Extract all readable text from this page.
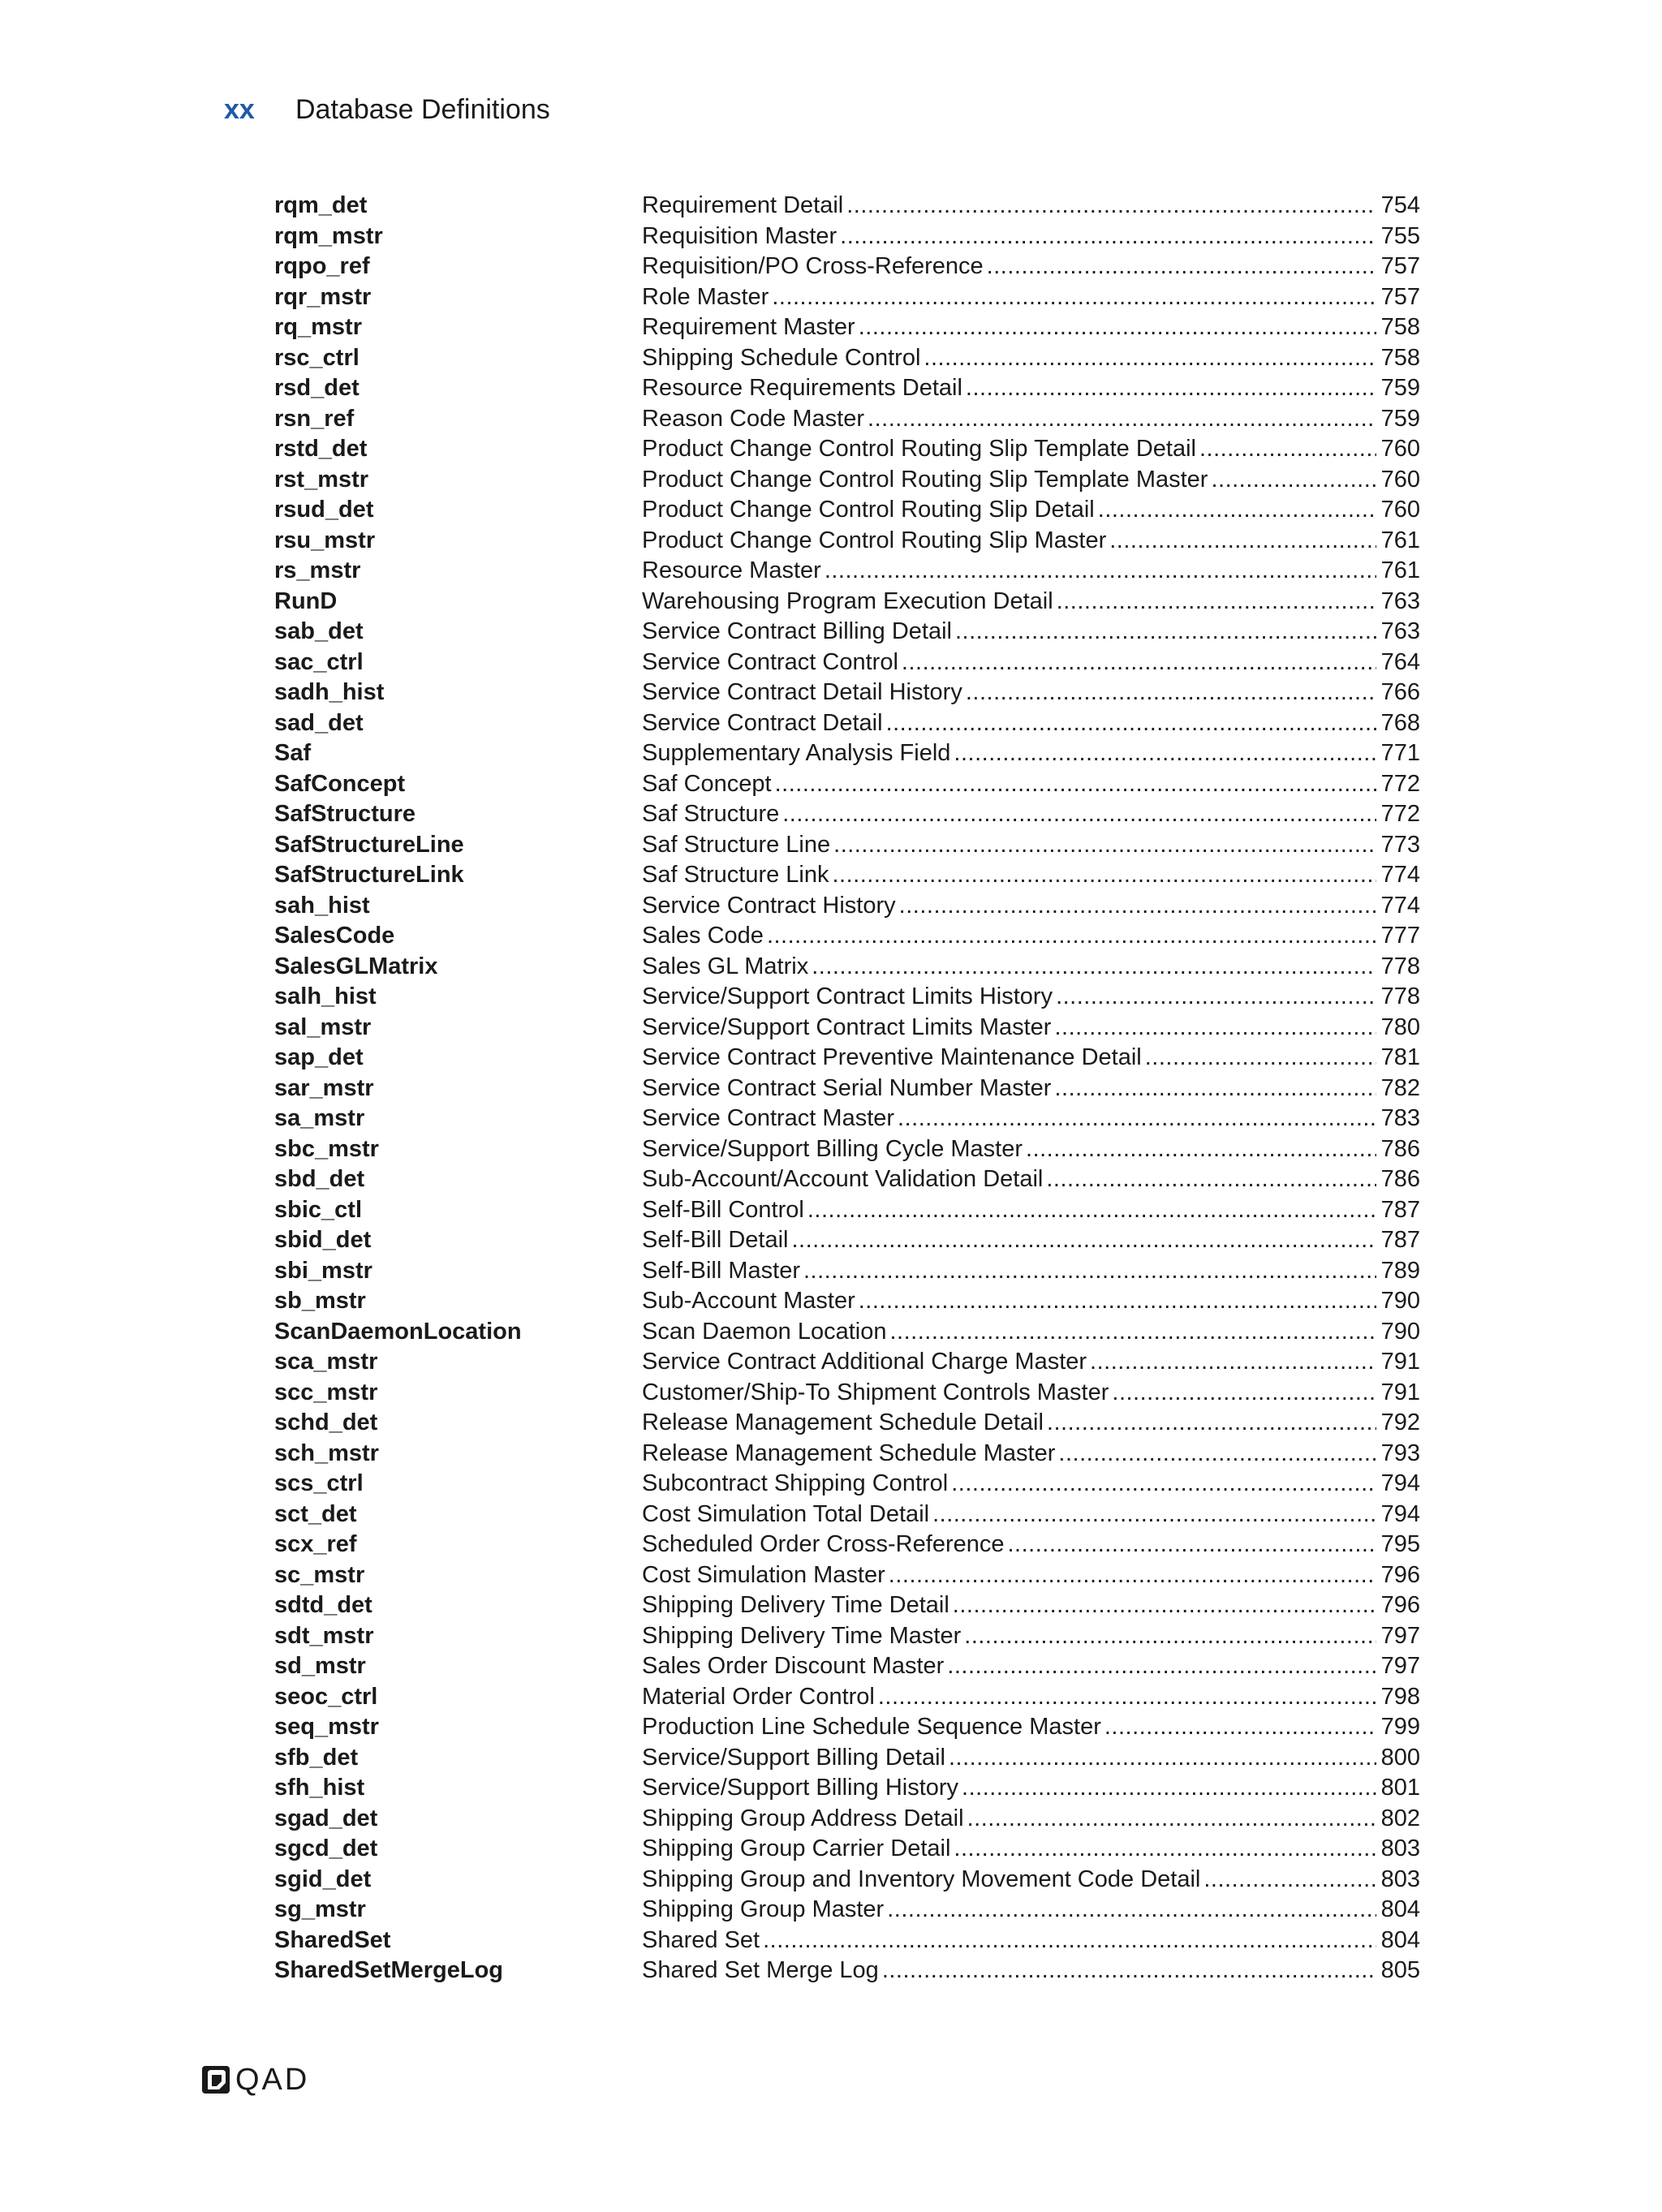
xx	Database Definitions
rqm_det	Requirement Detail .....	754
rqm_mstr	Requisition Master .....	755
rqpo_ref	Requisition/PO Cross-Reference .....	757
rqr_mstr	Role Master .....	757
rq_mstr	Requirement Master .....	758
rsc_ctrl	Shipping Schedule Control .....	758
rsd_det	Resource Requirements Detail .....	759
rsn_ref	Reason Code Master .....	759
rstd_det	Product Change Control Routing Slip Template Detail .....	760
rst_mstr	Product Change Control Routing Slip Template Master .....	760
rsud_det	Product Change Control Routing Slip Detail .....	760
rsu_mstr	Product Change Control Routing Slip Master .....	761
rs_mstr	Resource Master .....	761
RunD	Warehousing Program Execution Detail .....	763
sab_det	Service Contract Billing Detail .....	763
sac_ctrl	Service Contract Control .....	764
sadh_hist	Service Contract Detail History .....	766
sad_det	Service Contract Detail .....	768
Saf	Supplementary Analysis Field .....	771
SafConcept	Saf Concept .....	772
SafStructure	Saf Structure .....	772
SafStructureLine	Saf Structure Line .....	773
SafStructureLink	Saf Structure Link .....	774
sah_hist	Service Contract History .....	774
SalesCode	Sales Code .....	777
SalesGLMatrix	Sales GL Matrix .....	778
salh_hist	Service/Support Contract Limits History .....	778
sal_mstr	Service/Support Contract Limits Master .....	780
sap_det	Service Contract Preventive Maintenance Detail .....	781
sar_mstr	Service Contract Serial Number Master .....	782
sa_mstr	Service Contract Master .....	783
sbc_mstr	Service/Support Billing Cycle Master .....	786
sbd_det	Sub-Account/Account Validation Detail .....	786
sbic_ctl	Self-Bill Control .....	787
sbid_det	Self-Bill Detail .....	787
sbi_mstr	Self-Bill Master .....	789
sb_mstr	Sub-Account Master .....	790
ScanDaemonLocation	Scan Daemon Location .....	790
sca_mstr	Service Contract Additional Charge Master .....	791
scc_mstr	Customer/Ship-To Shipment Controls Master .....	791
schd_det	Release Management Schedule Detail .....	792
sch_mstr	Release Management Schedule Master .....	793
scs_ctrl	Subcontract Shipping Control .....	794
sct_det	Cost Simulation Total Detail .....	794
scx_ref	Scheduled Order Cross-Reference .....	795
sc_mstr	Cost Simulation Master .....	796
sdtd_det	Shipping Delivery Time Detail .....	796
sdt_mstr	Shipping Delivery Time Master .....	797
sd_mstr	Sales Order Discount Master .....	797
seoc_ctrl	Material Order Control .....	798
seq_mstr	Production Line Schedule Sequence Master .....	799
sfb_det	Service/Support Billing Detail .....	800
sfh_hist	Service/Support Billing History .....	801
sgad_det	Shipping Group Address Detail .....	802
sgcd_det	Shipping Group Carrier Detail .....	803
sgid_det	Shipping Group and Inventory Movement Code Detail .....	803
sg_mstr	Shipping Group Master .....	804
SharedSet	Shared Set .....	804
SharedSetMergeLog	Shared Set Merge Log .....	805
QAD
